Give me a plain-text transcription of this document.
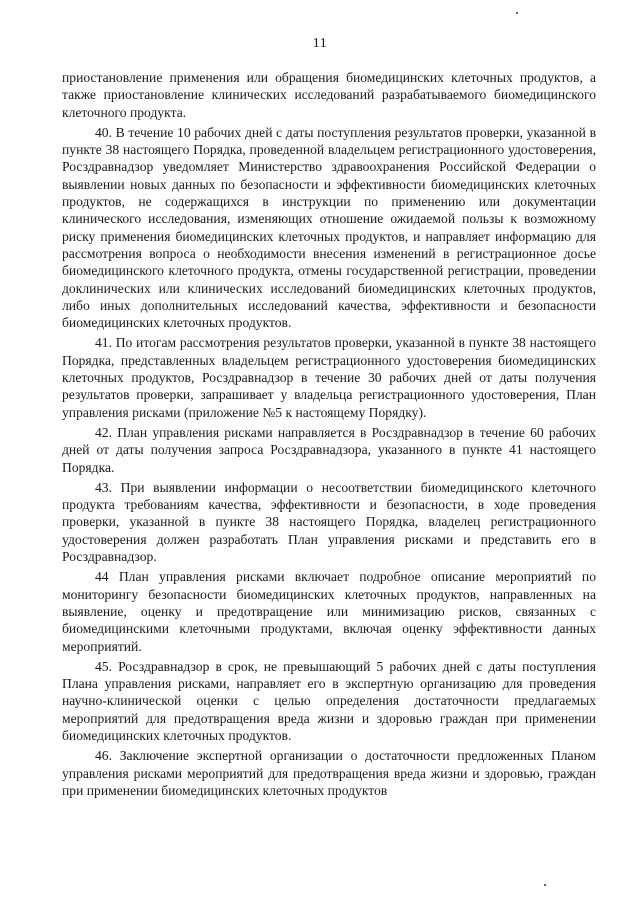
11

приостановление применения или обращения биомедицинских клеточных продуктов, а также приостановление клинических исследований разрабатываемого биомедицинского клеточного продукта.

40. В течение 10 рабочих дней с даты поступления результатов проверки, указанной в пункте 38 настоящего Порядка, проведенной владельцем регистрационного удостоверения, Росздравнадзор уведомляет Министерство здравоохранения Российской Федерации о выявлении новых данных по безопасности и эффективности биомедицинских клеточных продуктов, не содержащихся в инструкции по применению или документации клинического исследования, изменяющих отношение ожидаемой пользы к возможному риску применения биомедицинских клеточных продуктов, и направляет информацию для рассмотрения вопроса о необходимости внесения изменений в регистрационное досье биомедицинского клеточного продукта, отмены государственной регистрации, проведении доклинических или клинических исследований биомедицинских клеточных продуктов, либо иных дополнительных исследований качества, эффективности и безопасности биомедицинских клеточных продуктов.

41. По итогам рассмотрения результатов проверки, указанной в пункте 38 настоящего Порядка, представленных владельцем регистрационного удостоверения биомедицинских клеточных продуктов, Росздравнадзор в течение 30 рабочих дней от даты получения результатов проверки, запрашивает у владельца регистрационного удостоверения, План управления рисками (приложение №5 к настоящему Порядку).

42. План управления рисками направляется в Росздравнадзор в течение 60 рабочих дней от даты получения запроса Росздравнадзора, указанного в пункте 41 настоящего Порядка.

43. При выявлении информации о несоответствии биомедицинского клеточного продукта требованиям качества, эффективности и безопасности, в ходе проведения проверки, указанной в пункте 38 настоящего Порядка, владелец регистрационного удостоверения должен разработать План управления рисками и представить его в Росздравнадзор.

44 План управления рисками включает подробное описание мероприятий по мониторингу безопасности биомедицинских клеточных продуктов, направленных на выявление, оценку и предотвращение или минимизацию рисков, связанных с биомедицинскими клеточными продуктами, включая оценку эффективности данных мероприятий.

45. Росздравнадзор в срок, не превышающий 5 рабочих дней с даты поступления Плана управления рисками, направляет его в экспертную организацию для проведения научно-клинической оценки с целью определения достаточности предлагаемых мероприятий для предотвращения вреда жизни и здоровью граждан при применении биомедицинских клеточных продуктов.

46. Заключение экспертной организации о достаточности предложенных Планом управления рисками мероприятий для предотвращения вреда жизни и здоровью, граждан при применении биомедицинских клеточных продуктов
